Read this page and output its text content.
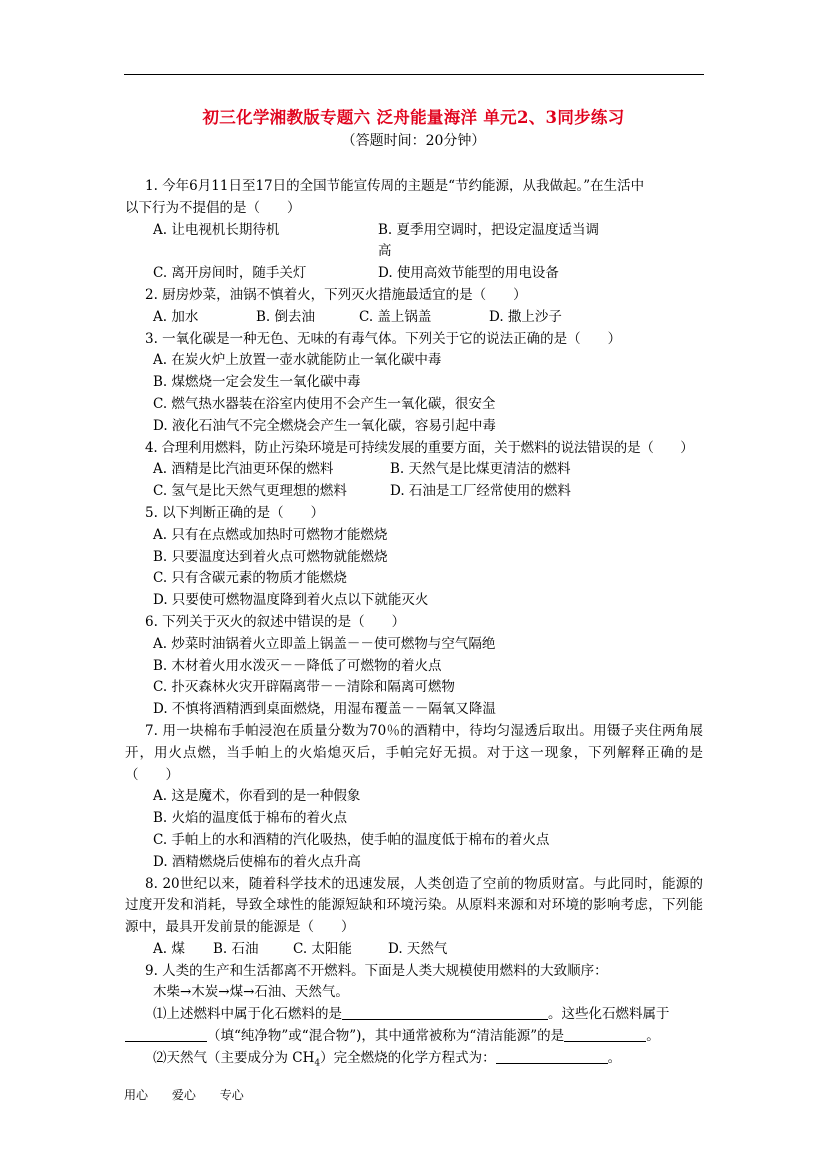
初三化学湘教版专题六 泛舟能量海洋 单元2、3同步练习
（答题时间：20分钟）

1. 今年6月11日至17日的全国节能宣传周的主题是“节约能源，从我做起。”在生活中

以下行为不提倡的是（　　）

A. 让电视机长期待机	B. 夏季用空调时，把设定温度适当调高
C. 离开房间时，随手关灯	D. 使用高效节能型的用电设备

2. 厨房炒菜，油锅不慎着火，下列灭火措施最适宜的是（　　）

A. 加水	B. 倒去油	C. 盖上锅盖	D. 撒上沙子

3. 一氧化碳是一种无色、无味的有毒气体。下列关于它的说法正确的是（　　）

A. 在炭火炉上放置一壶水就能防止一氧化碳中毒
B. 煤燃烧一定会发生一氧化碳中毒
C. 燃气热水器装在浴室内使用不会产生一氧化碳，很安全
D. 液化石油气不完全燃烧会产生一氧化碳，容易引起中毒

4. 合理利用燃料，防止污染环境是可持续发展的重要方面，关于燃料的说法错误的是（　　）

A. 酒精是比汽油更环保的燃料	B. 天然气是比煤更清洁的燃料
C. 氢气是比天然气更理想的燃料	D. 石油是工厂经常使用的燃料

5. 以下判断正确的是（　　）

A. 只有在点燃或加热时可燃物才能燃烧
B. 只要温度达到着火点可燃物就能燃烧
C. 只有含碳元素的物质才能燃烧
D. 只要使可燃物温度降到着火点以下就能灭火

6. 下列关于灭火的叙述中错误的是（　　）

A. 炒菜时油锅着火立即盖上锅盖－－使可燃物与空气隔绝
B. 木材着火用水泼灭－－降低了可燃物的着火点
C. 扑灭森林火灾开辟隔离带－－清除和隔离可燃物
D. 不慎将酒精洒到桌面燃烧，用湿布覆盖－－隔氧又降温

7. 用一块棉布手帕浸泡在质量分数为70％的酒精中，待均匀湿透后取出。用镊子夹住两角展开，用火点燃，当手帕上的火焰熄灭后，手帕完好无损。对于这一现象，下列解释正确的是（　　）

A. 这是魔术，你看到的是一种假象
B. 火焰的温度低于棉布的着火点
C. 手帕上的水和酒精的汽化吸热，使手帕的温度低于棉布的着火点
D. 酒精燃烧后使棉布的着火点升高

8. 20世纪以来，随着科学技术的迅速发展，人类创造了空前的物质财富。与此同时，能源的过度开发和消耗，导致全球性的能源短缺和环境污染。从原料来源和对环境的影响考虑，下列能源中，最具开发前景的能源是（　　）

A. 煤	B. 石油	C. 太阳能	D. 天然气

9. 人类的生产和生活都离不开燃料。下面是人类大规模使用燃料的大致顺序：

木柴→木炭→煤→石油、天然气。
⑴上述燃料中属于化石燃料的是	。这些化石燃料属于
（填“纯净物”或“混合物”)，其中通常被称为“清洁能源”的是	。
⑵天然气（主要成分为 $CH_4$）完全燃烧的化学方程式为：	。
用心 爱心 专心
